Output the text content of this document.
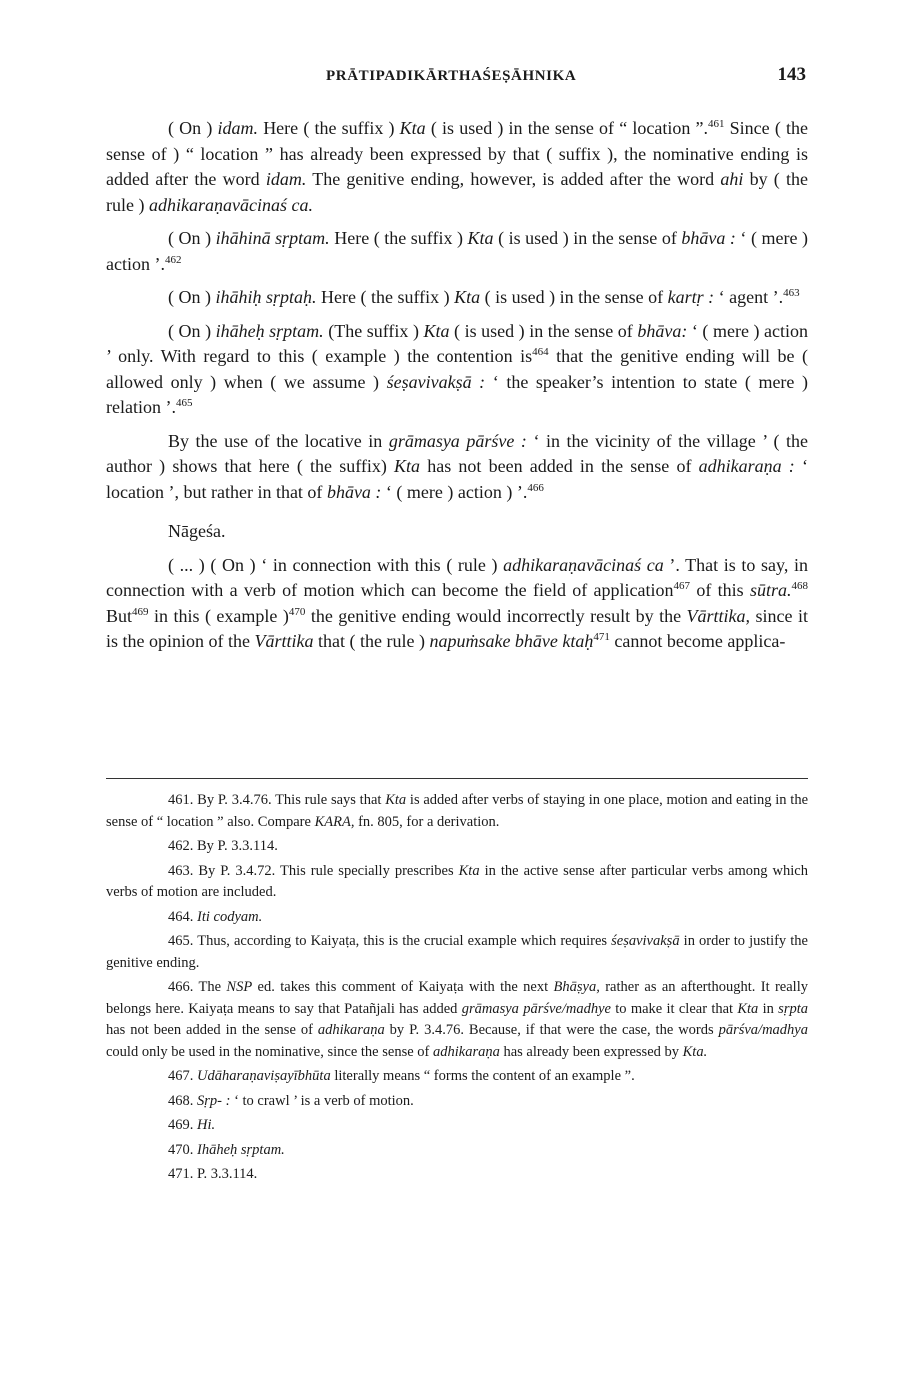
PRĀTIPADIKĀRTHAŚEṢĀHNIKA	143

( On ) idam. Here ( the suffix ) Kta ( is used ) in the sense of “ location ”.$^{461}$ Since ( the sense of ) “ location ” has already been expressed by that ( suffix ), the nominative ending is added after the word idam. The genitive ending, however, is added after the word ahi by ( the rule ) adhikaraṇavācinaś ca.

( On ) ihāhinā sṛptam. Here ( the suffix ) Kta ( is used ) in the sense of bhāva : ‘ ( mere ) action ’.$^{462}$

( On ) ihāhiḥ sṛptaḥ. Here ( the suffix ) Kta ( is used ) in the sense of kartṛ : ‘ agent ’.$^{463}$

( On ) ihāheḥ sṛptam. (The suffix ) Kta ( is used ) in the sense of bhāva: ‘ ( mere ) action ’ only. With regard to this ( example ) the contention $is^{464}$ that the genitive ending will be ( allowed only ) when ( we assume ) śeṣavivakṣā : ‘ the speaker’s intention to state ( mere ) relation ’.$^{465}$

By the use of the locative in grāmasya pārśve : ‘ in the vicinity of the village ’ ( the author ) shows that here ( the suffix) Kta has not been added in the sense of adhikaraṇa : ‘ location ’, but rather in that of bhāva : ‘ ( mere ) action ) ’.$^{466}$

Nāgeśa.

( ... ) ( On ) ‘ in connection with this ( rule ) adhikaraṇavācinaś ca ’. That is to say, in connection with a verb of motion which can become the field of application$^{467}$ of this sūtra.$^{468}$ But$^{469}$ in this ( example )$^{470}$ the genitive ending would incorrectly result by the Vārttika, since it is the opinion of the Vārttika that ( the rule ) napuṁsake bhāve ktaḥ$^{471}$ cannot become applica-

461. By P. 3.4.76. This rule says that Kta is added after verbs of staying in one place, motion and eating in the sense of “ location ” also. Compare KARA, fn. 805, for a derivation.

462. By P. 3.3.114.

463. By P. 3.4.72. This rule specially prescribes Kta in the active sense after particular verbs among which verbs of motion are included.

464. Iti codyam.

465. Thus, according to Kaiyaṭa, this is the crucial example which requires śeṣavivakṣā in order to justify the genitive ending.

466. The NSP ed. takes this comment of Kaiyaṭa with the next Bhāṣya, rather as an afterthought. It really belongs here. Kaiyaṭa means to say that Patañjali has added grāmasya pārśve/madhye to make it clear that Kta in sṛpta has not been added in the sense of adhikaraṇa by P. 3.4.76. Because, if that were the case, the words pārśva/madhya could only be used in the nominative, since the sense of adhikaraṇa has already been expressed by Kta.

467. Udāharaṇaviṣayībhūta literally means “ forms the content of an example ”.

468. Sṛp- : ‘ to crawl ’ is a verb of motion.

469. Hi.

470. Ihāheḥ sṛptam.

471. P. 3.3.114.
